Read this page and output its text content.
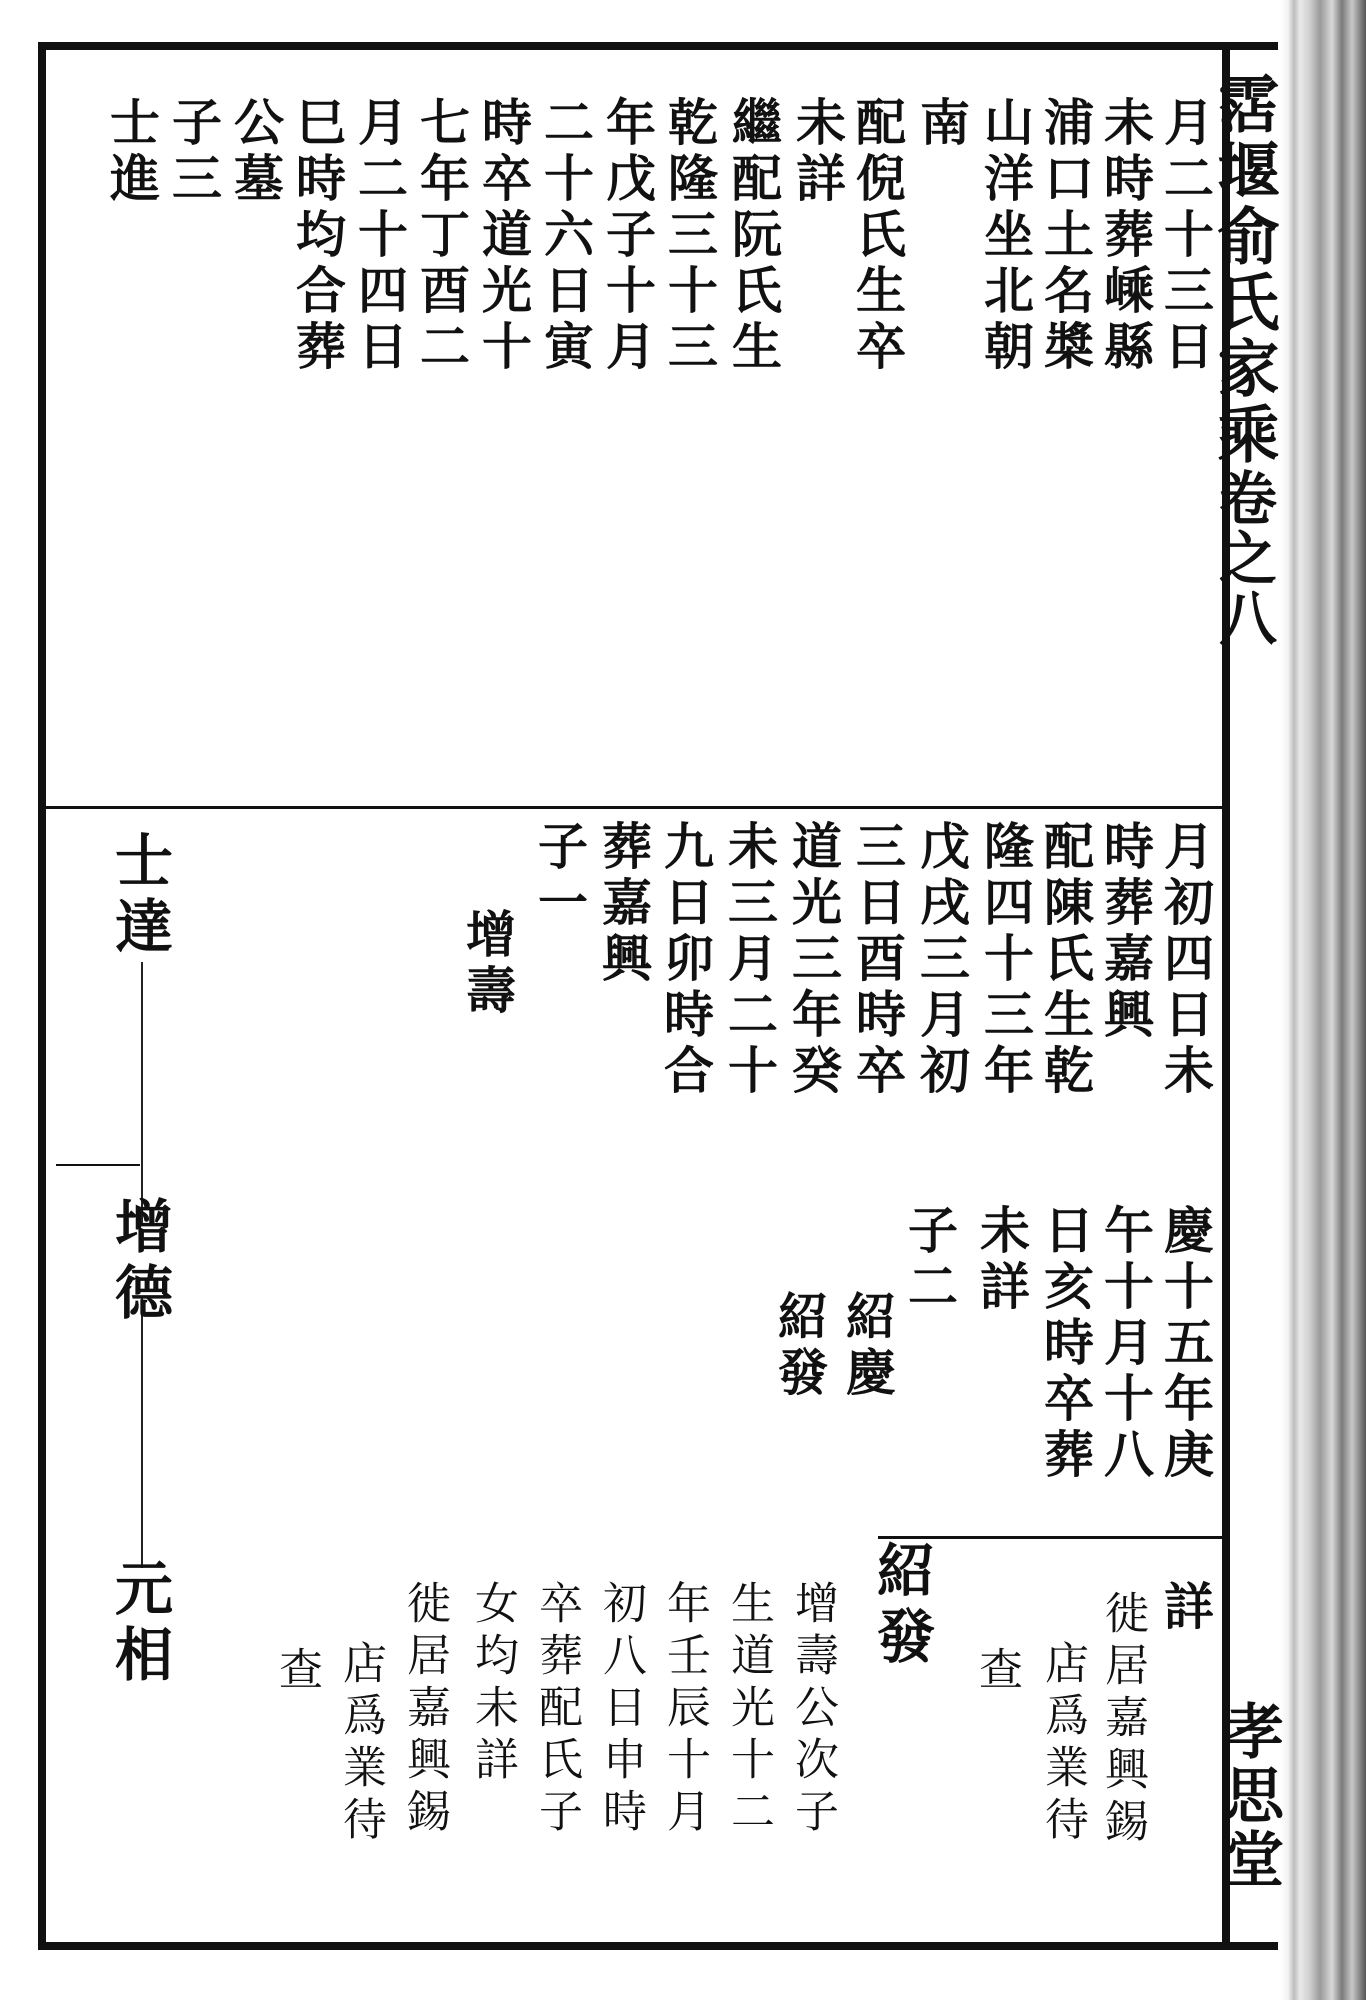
霑堰俞氏家乘卷之八
孝思堂
月二十三日
未時葬嵊縣
浦口土名槳
山洋坐北朝
南
配倪氏生卒
未詳
繼配阮氏生
乾隆三十三
年戊子十月
二十六日寅
時卒道光十
七年丁酉二
月二十四日
巳時均合葬
公墓
子三
士進
月初四日未
時葬嘉興
配陳氏生乾
隆四十三年
戊戌三月初
三日酉時卒
道光三年癸
未三月二十
九日卯時合
葬嘉興
子一
增壽
慶十五年庚
午十月十八
日亥時卒葬
未詳
子二
紹慶
紹發
詳
徙居嘉興錫
店爲業待
查
紹發
增壽公次子
生道光十二
年壬辰十月
初八日申時
卒葬配氏子
女均未詳
徙居嘉興錫
店爲業待
查
士達
增德
元相
